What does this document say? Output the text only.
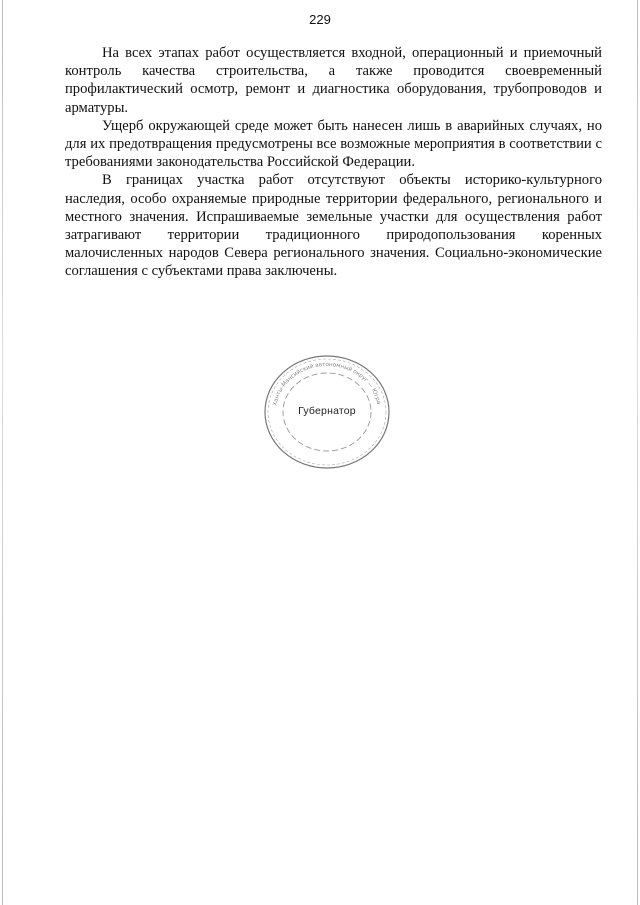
229

На всех этапах работ осуществляется входной, операционный и приемочный контроль качества строительства, а также проводится своевременный профилактический осмотр, ремонт и диагностика оборудования, трубопроводов и арматуры.

Ущерб окружающей среде может быть нанесен лишь в аварийных случаях, но для их предотвращения предусмотрены все возможные мероприятия в соответствии с требованиями законодательства Российской Федерации.

В границах участка работ отсутствуют объекты историко-культурного наследия, особо охраняемые природные территории федерального, регионального и местного значения. Испрашиваемые земельные участки для осуществления работ затрагивают территории традиционного природопользования коренных малочисленных народов Севера регионального значения. Социально-экономические соглашения с субъектами права заключены.

Ханты-Мансийский автономный округ — Югра
Губернатор
